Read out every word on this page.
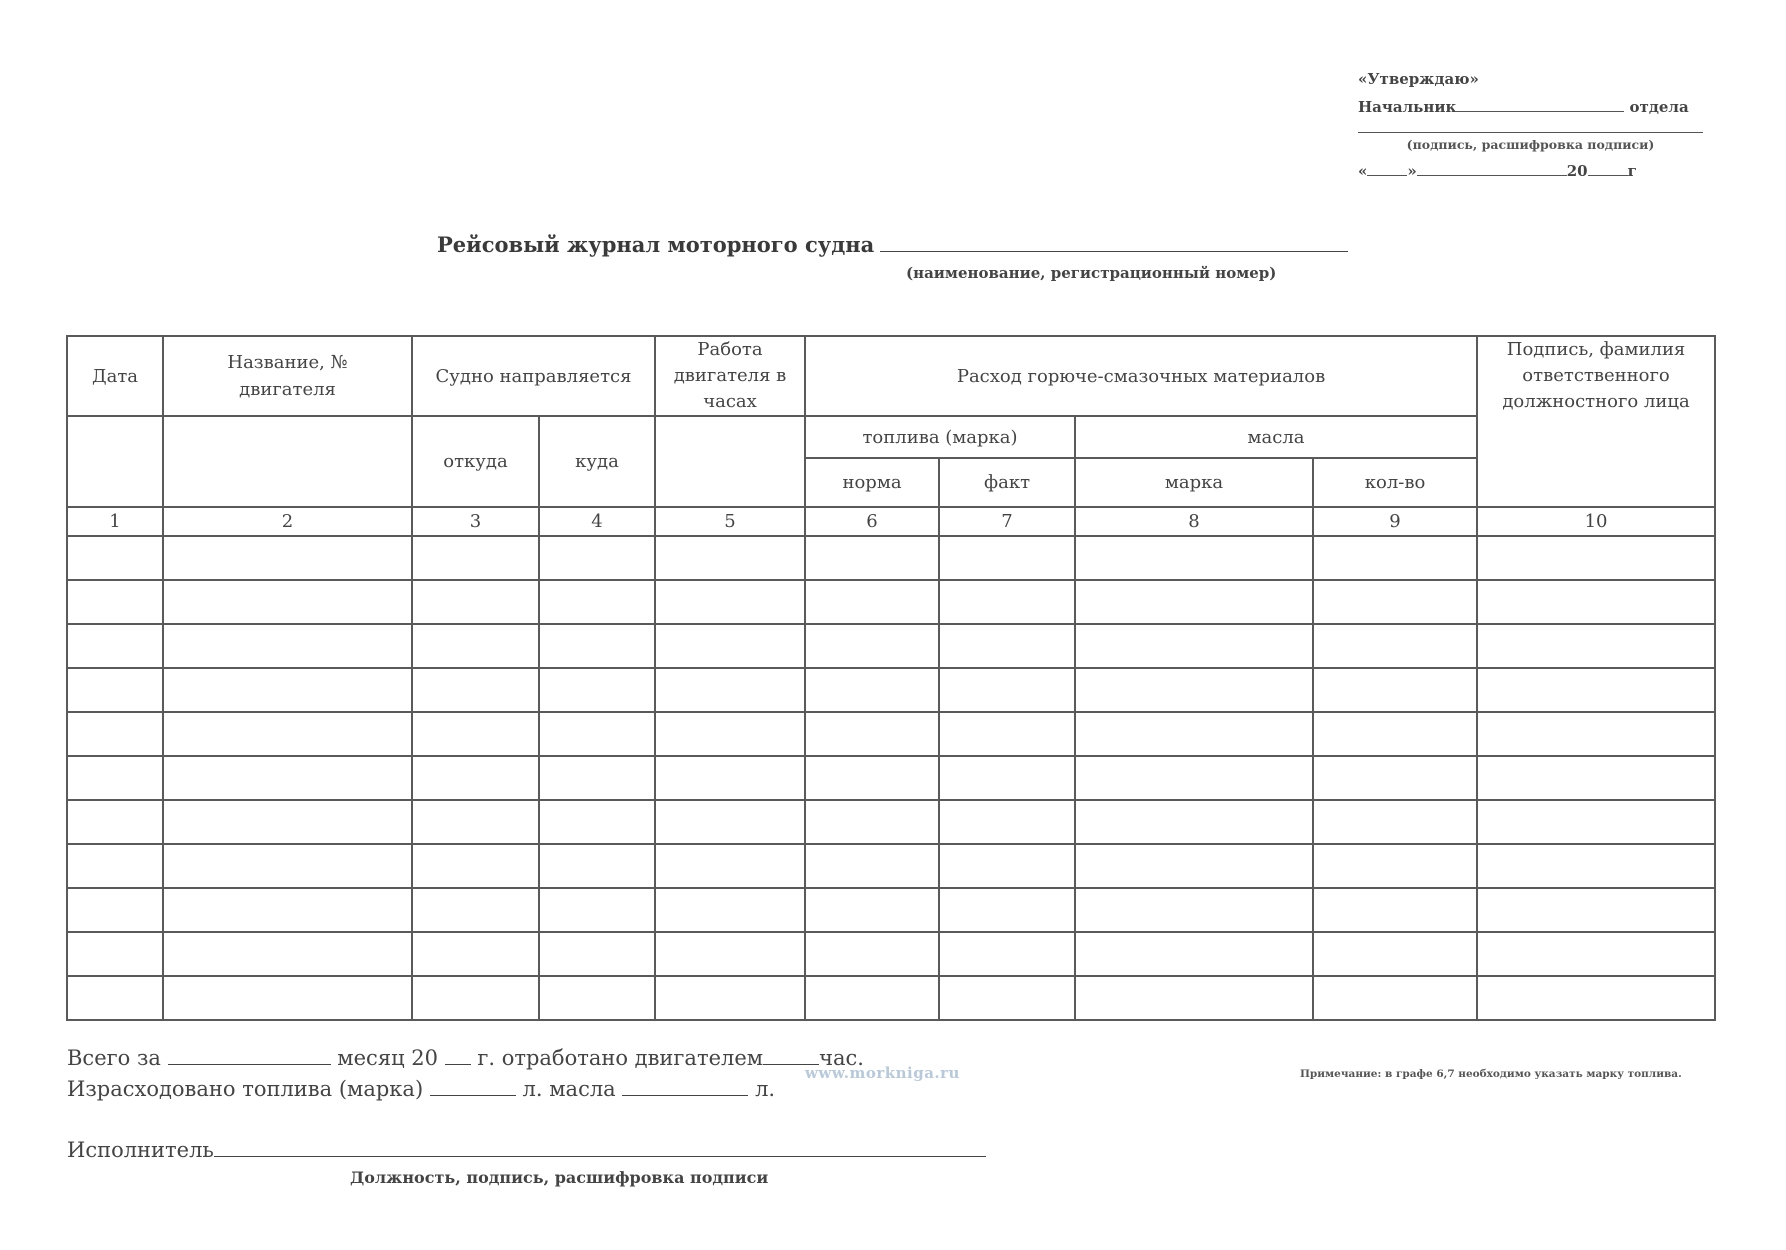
«Утверждаю»
Начальник	отдела
(подпись, расшифровка подписи)
«	»	20	г
Рейсовый журнал моторного судна
(наименование, регистрационный номер)
Дата	Название, № двигателя	Судно направляется		Работа двигателя в часах	Расход горюче-смазочных материалов				Подпись, фамилия ответственного должностного лица

		откуда	куда		топлива (марка)		масла		
					норма	факт	марка	кол-во	
1	2	3	4	5	6	7	8	9	10

Всего за	месяц 20 г. отработано двигателем	час.
Израсходовано топлива (марка)	л. масла	л.
www.morkniga.ru	Примечание: в графе 6,7 необходимо указать марку топлива.
Исполнитель
Должность, подпись, расшифровка подписи
